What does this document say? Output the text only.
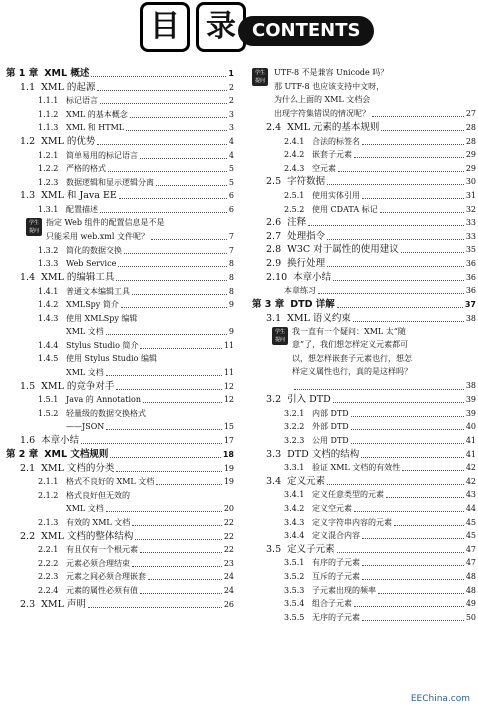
目 录 CONTENTS
第 1 章 XML 概述	1
1.1 XML 的起源	2
1.1.1 标记语言	2
1.1.2 XML 的基本概念	3
1.1.3 XML 和 HTML	3
1.2 XML 的优势	4
1.2.1 简单易用的标记语言	4
1.2.2 严格的格式	5
1.2.3 数据逻辑和显示逻辑分离	5
1.3 XML 和 Java EE	6
1.3.1 配置描述	6
学生
提问
指定 Web 组件的配置信息是不是
只能采用 web.xml 文件呢？	7
1.3.2 简化的数据交换	7
1.3.3 Web Service	8
1.4 XML 的编辑工具	8
1.4.1 普通文本编辑工具	8
1.4.2 XMLSpy 简介	9
1.4.3 使用 XMLSpy 编辑
XML 文档	9
1.4.4 Stylus Studio 简介	11
1.4.5 使用 Stylus Studio 编辑
XML 文档	11
1.5 XML 的竞争对手	12
1.5.1 Java 的 Annotation	12
1.5.2 轻量级的数据交换格式
——JSON	15
1.6 本章小结	17
第 2 章 XML 文档规则	18
2.1 XML 文档的分类	19
2.1.1 格式不良好的 XML 文档	19
2.1.2 格式良好但无效的
XML 文档	20
2.1.3 有效的 XML 文档	22
2.2 XML 文档的整体结构	22
2.2.1 有且仅有一个根元素	22
2.2.2 元素必须合理结束	23
2.2.3 元素之间必须合理嵌套	24
2.2.4 元素的属性必须有值	24
2.3 XML 声明	26
学生
提问
UTF-8 不是兼容 Unicode 吗？
那 UTF-8 也应该支持中文呀，
为什么上面的 XML 文档会
出现字符集错误的情况呢？	27
2.4 XML 元素的基本规则	28
2.4.1 合法的标签名	28
2.4.2 嵌套子元素	29
2.4.3 空元素	29
2.5 字符数据	30
2.5.1 使用实体引用	31
2.5.2 使用 CDATA 标记	32
2.6 注释	33
2.7 处理指令	33
2.8 W3C 对于属性的使用建议	35
2.9 换行处理	36
2.10 本章小结	36
本章练习	36
第 3 章 DTD 详解	37
3.1 XML 语义约束	38
学生
提问
我一直有一个疑问：XML 太“随
意”了，我们想怎样定义元素都可
以，想怎样嵌套子元素也行，想怎
样定义属性也行，真的是这样吗？
38
3.2 引入 DTD	39
3.2.1 内部 DTD	39
3.2.2 外部 DTD	40
3.2.3 公用 DTD	41
3.3 DTD 文档的结构	41
3.3.1 验证 XML 文档的有效性	42
3.4 定义元素	42
3.4.1 定义任意类型的元素	43
3.4.2 定义空元素	44
3.4.3 定义字符串内容的元素	45
3.4.4 定义混合内容	45
3.5 定义子元素	47
3.5.1 有序的子元素	47
3.5.2 互斥的子元素	48
3.5.3 子元素出现的频率	48
3.5.4 组合子元素	49
3.5.5 无序的子元素	50
EEChina.com
